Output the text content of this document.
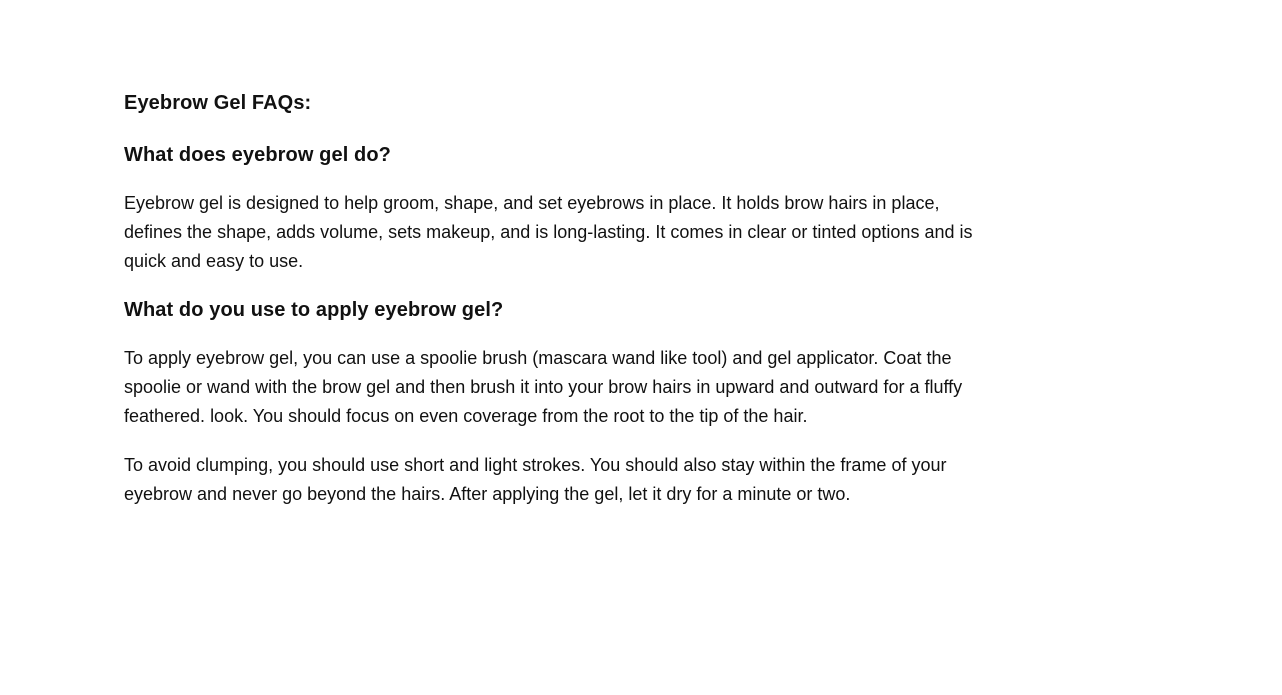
Eyebrow Gel FAQs:
What does eyebrow gel do?

Eyebrow gel is designed to help groom, shape, and set eyebrows in place. It holds brow hairs in place, defines the shape, adds volume, sets makeup, and is long-lasting. It comes in clear or tinted options and is quick and easy to use.

What do you use to apply eyebrow gel?

To apply eyebrow gel, you can use a spoolie brush (mascara wand like tool) and gel applicator. Coat the spoolie or wand with the brow gel and then brush it into your brow hairs in upward and outward for a fluffy feathered. look. You should focus on even coverage from the root to the tip of the hair.

To avoid clumping, you should use short and light strokes. You should also stay within the frame of your eyebrow and never go beyond the hairs. After applying the gel, let it dry for a minute or two.
